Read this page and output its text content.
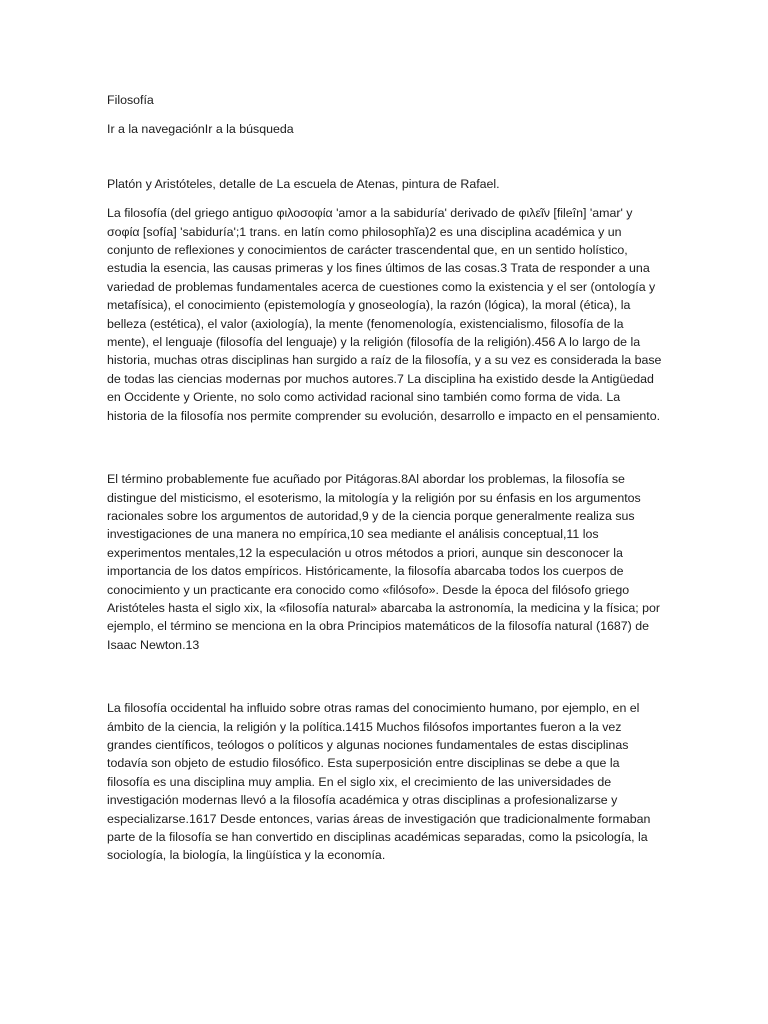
Filosofía

Ir a la navegaciónIr a la búsqueda

Platón y Aristóteles, detalle de La escuela de Atenas, pintura de Rafael.

La filosofía (del griego antiguo φιλοσοφία 'amor a la sabiduría' derivado de φιλεῖν [fileîn] 'amar' y σοφία [sofía] 'sabiduría';1 trans. en latín como philosophĭa)2 es una disciplina académica y un conjunto de reflexiones y conocimientos de carácter trascendental que, en un sentido holístico, estudia la esencia, las causas primeras y los fines últimos de las cosas.3 Trata de responder a una variedad de problemas fundamentales acerca de cuestiones como la existencia y el ser (ontología y metafísica), el conocimiento (epistemología y gnoseología), la razón (lógica), la moral (ética), la belleza (estética), el valor (axiología), la mente (fenomenología, existencialismo, filosofía de la mente), el lenguaje (filosofía del lenguaje) y la religión (filosofía de la religión).456 A lo largo de la historia, muchas otras disciplinas han surgido a raíz de la filosofía, y a su vez es considerada la base de todas las ciencias modernas por muchos autores.7 La disciplina ha existido desde la Antigüedad en Occidente y Oriente, no solo como actividad racional sino también como forma de vida. La historia de la filosofía nos permite comprender su evolución, desarrollo e impacto en el pensamiento.

El término probablemente fue acuñado por Pitágoras.8Al abordar los problemas, la filosofía se distingue del misticismo, el esoterismo, la mitología y la religión por su énfasis en los argumentos racionales sobre los argumentos de autoridad,9 y de la ciencia porque generalmente realiza sus investigaciones de una manera no empírica,10 sea mediante el análisis conceptual,11 los experimentos mentales,12 la especulación u otros métodos a priori, aunque sin desconocer la importancia de los datos empíricos. Históricamente, la filosofía abarcaba todos los cuerpos de conocimiento y un practicante era conocido como «filósofo». Desde la época del filósofo griego Aristóteles hasta el siglo xix, la «filosofía natural» abarcaba la astronomía, la medicina y la física; por ejemplo, el término se menciona en la obra Principios matemáticos de la filosofía natural (1687) de Isaac Newton.13

La filosofía occidental ha influido sobre otras ramas del conocimiento humano, por ejemplo, en el ámbito de la ciencia, la religión y la política.1415 Muchos filósofos importantes fueron a la vez grandes científicos, teólogos o políticos y algunas nociones fundamentales de estas disciplinas todavía son objeto de estudio filosófico. Esta superposición entre disciplinas se debe a que la filosofía es una disciplina muy amplia. En el siglo xix, el crecimiento de las universidades de investigación modernas llevó a la filosofía académica y otras disciplinas a profesionalizarse y especializarse.1617 Desde entonces, varias áreas de investigación que tradicionalmente formaban parte de la filosofía se han convertido en disciplinas académicas separadas, como la psicología, la sociología, la biología, la lingüística y la economía.
